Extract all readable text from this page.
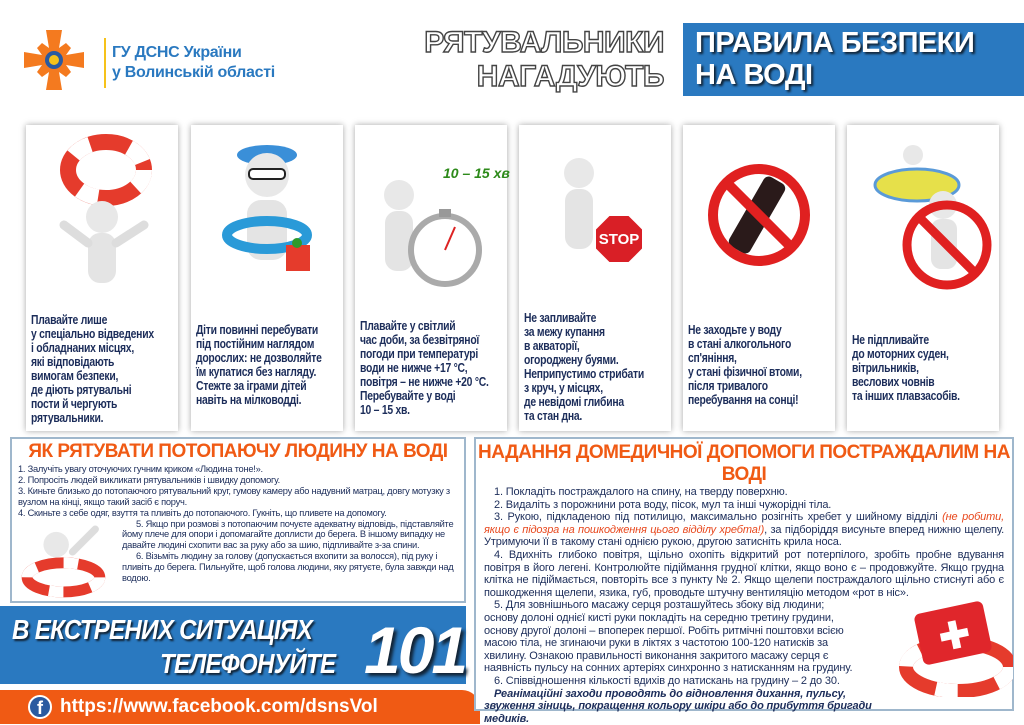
ГУ ДСНС України
у Волинській області
РЯТУВАЛЬНИКИ
НАГАДУЮТЬ
ПРАВИЛА БЕЗПЕКИ
НА ВОДІ
Плавайте лише
у спеціально відведених
і обладнаних місцях,
які відповідають
вимогам безпеки,
де діють рятувальні
пости й чергують
рятувальники.
Діти повинні перебувати
під постійним наглядом
дорослих: не дозволяйте
їм купатися без нагляду.
Стежте за іграми дітей
навіть на мілководді.
Плавайте у світлий
час доби, за безвітряної
погоди при температурі
води не нижче +17 °С,
повітря – не нижче +20 °С.
Перебувайте у воді
10 – 15 хв.
10 – 15 хв
STOP
Не запливайте
за межу купання
в акваторії,
огороджену буями.
Неприпустимо стрибати
з круч, у місцях,
де невідомі глибина
та стан дна.
Не заходьте у воду
в стані алкогольного
сп'яніння,
у стані фізичної втоми,
після тривалого
перебування на сонці!
Не підпливайте
до моторних суден,
вітрильників,
веслових човнів
та інших плавзасобів.
ЯК РЯТУВАТИ ПОТОПАЮЧУ ЛЮДИНУ НА ВОДІ
1. Залучіть увагу оточуючих гучним криком «Людина тоне!».
2. Попросіть людей викликати рятувальників і швидку допомогу.
3. Киньте близько до потопаючого рятувальний круг, гумову камеру або надувний матрац, довгу мотузку з вузлом на кінці, якщо такий засіб є поруч.
4. Скиньте з себе одяг, взуття та пливіть до потопаючого. Гукніть, що пливете на допомогу.
5. Якщо при розмові з потопаючим почуєте адекватну відповідь, підставляйте йому плече для опори і допомагайте доплисти до берега. В іншому випадку не давайте людині схопити вас за руку або за шию, підпливайте з-за спини.
6. Візьміть людину за голову (допускається вхопити за волосся), під руку і пливіть до берега. Пильнуйте, щоб голова людини, яку рятуєте, була завжди над водою.
В ЕКСТРЕНИХ СИТУАЦІЯХ
ТЕЛЕФОНУЙТЕ 101
f https://www.facebook.com/dsnsVol
НАДАННЯ ДОМЕДИЧНОЇ ДОПОМОГИ ПОСТРАЖДАЛИМ НА ВОДІ

1. Покладіть постраждалого на спину, на тверду поверхню.

2. Видаліть з порожнини рота воду, пісок, мул та інші чужорідні тіла.

3. Рукою, підкладеною під потилицю, максимально розігніть хребет у шийному відділі (не робити, якщо є підозра на пошкодження цього відділу хребта!), за підборіддя висуньте вперед нижню щелепу. Утримуючи її в такому стані однією рукою, другою затисніть крила носа.

4. Вдихніть глибоко повітря, щільно охопіть відкритий рот потерпілого, зробіть пробне вдування повітря в його легені. Контролюйте підіймання грудної клітки, якщо воно є – продовжуйте. Якщо грудна клітка не підіймається, повторіть все з пункту № 2. Якщо щелепи постраждалого щільно стиснуті або є пошкодження щелепи, язика, губ, проводьте штучну вентиляцію методом «рот в ніс».

5. Для зовнішнього масажу серця розташуйтесь збоку від людини; основу долоні однієї кисті руки покладіть на середню третину грудини, основу другої долоні – впоперек першої. Робіть ритмічні поштовхи всією масою тіла, не згинаючи руки в ліктях з частотою 100-120 натисків за хвилину. Ознакою правильності виконання закритого масажу серця є наявність пульсу на сонних артеріях синхронно з натисканням на грудину.

6. Співвідношення кількості вдихів до натискань на грудину – 2 до 30.

Реанімаційні заходи проводять до відновлення дихання, пульсу, звуження зіниць, покращення кольору шкіри або до прибуття бригади медиків.
